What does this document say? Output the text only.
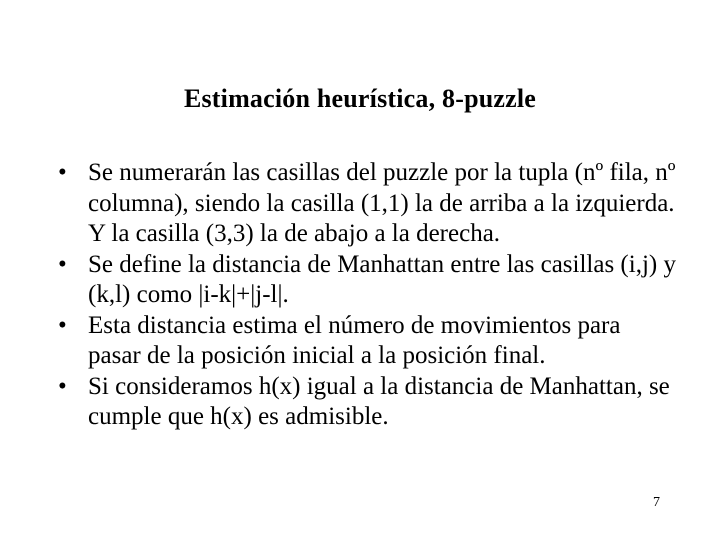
Estimación heurística, 8-puzzle
• Se numerarán las casillas del puzzle por la tupla (nº fila, nº columna), siendo la casilla (1,1) la de arriba a la izquierda. Y la casilla (3,3) la de abajo a la derecha.
• Se define la distancia de Manhattan entre las casillas (i,j) y (k,l) como |i-k|+|j-l|.
• Esta distancia estima el número de movimientos para pasar de la posición inicial a la posición final.
• Si consideramos h(x) igual a la distancia de Manhattan, se cumple que h(x) es admisible.
7
